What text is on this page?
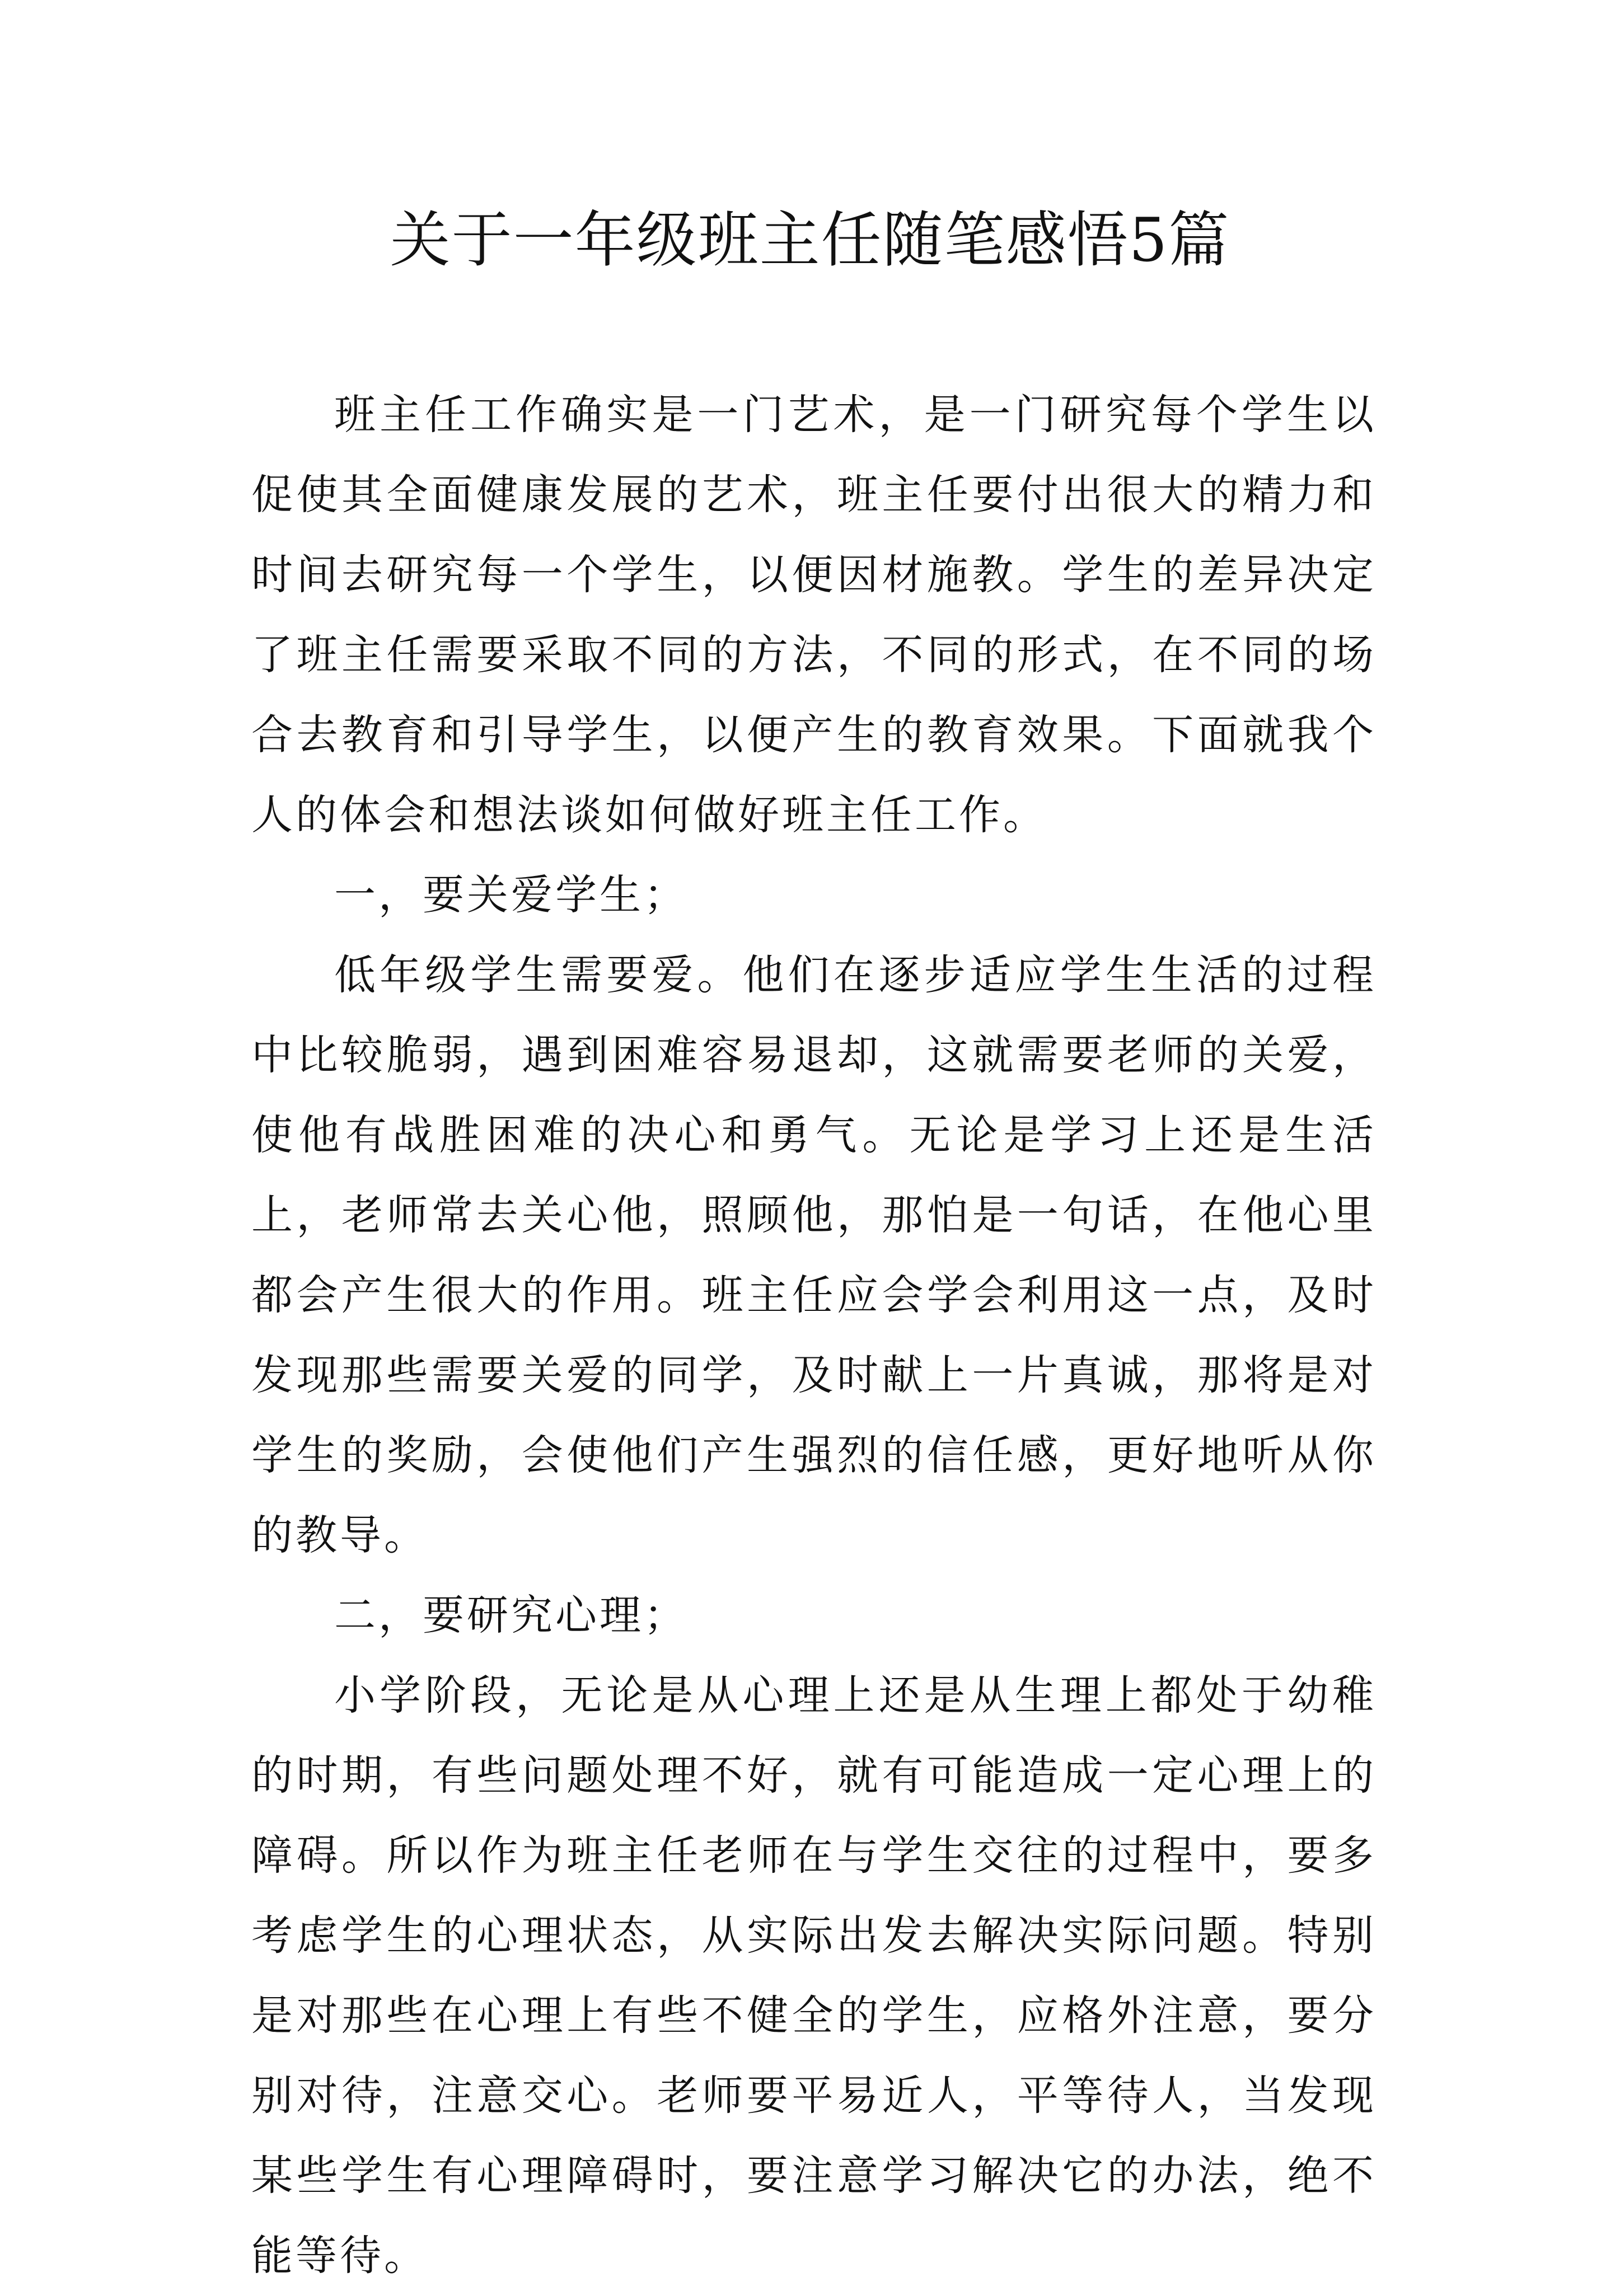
关于一年级班主任随笔感悟5篇

班主任工作确实是一门艺术，是一门研究每个学生以促使其全面健康发展的艺术，班主任要付出很大的精力和时间去研究每一个学生，以便因材施教。学生的差异决定了班主任需要采取不同的方法，不同的形式，在不同的场合去教育和引导学生，以便产生的教育效果。下面就我个人的体会和想法谈如何做好班主任工作。

一，要关爱学生；

低年级学生需要爱。他们在逐步适应学生生活的过程中比较脆弱，遇到困难容易退却，这就需要老师的关爱，使他有战胜困难的决心和勇气。无论是学习上还是生活上，老师常去关心他，照顾他，那怕是一句话，在他心里都会产生很大的作用。班主任应会学会利用这一点，及时发现那些需要关爱的同学，及时献上一片真诚，那将是对学生的奖励，会使他们产生强烈的信任感，更好地听从你的教导。

二，要研究心理；

小学阶段，无论是从心理上还是从生理上都处于幼稚的时期，有些问题处理不好，就有可能造成一定心理上的障碍。所以作为班主任老师在与学生交往的过程中，要多考虑学生的心理状态，从实际出发去解决实际问题。特别是对那些在心理上有些不健全的学生，应格外注意，要分别对待，注意交心。老师要平易近人，平等待人，当发现某些学生有心理障碍时，要注意学习解决它的办法，绝不能等待。
